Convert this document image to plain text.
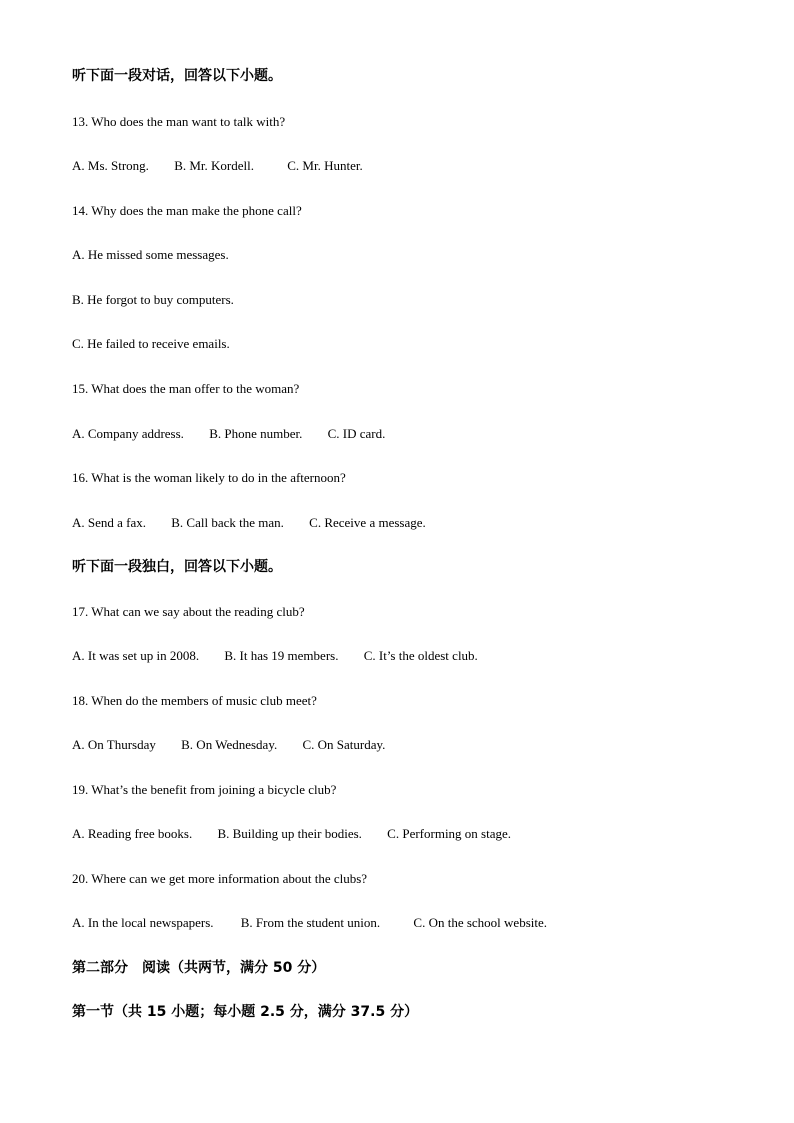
听下面一段对话，回答以下小题。
13. Who does the man want to talk with?
A. Ms. Strong. B. Mr. Kordell.	C. Mr. Hunter.
14. Why does the man make the phone call?
A. He missed some messages.
B. He forgot to buy computers.
C. He failed to receive emails.
15. What does the man offer to the woman?
A. Company address. B. Phone number. C. ID card.
16. What is the woman likely to do in the afternoon?
A. Send a fax. B. Call back the man. C. Receive a message.
听下面一段独白，回答以下小题。
17. What can we say about the reading club?
A. It was set up in 2008. B. It has 19 members. C. It’s the oldest club.
18. When do the members of music club meet?
A. On Thursday B. On Wednesday. C. On Saturday.
19. What’s the benefit from joining a bicycle club?
A. Reading free books. B. Building up their bodies. C. Performing on stage.
20. Where can we get more information about the clubs?
A. In the local newspapers. B. From the student union.	C. On the school website.
第二部分　阅读（共两节，满分 50 分）
第一节（共 15 小题；每小题 2.5 分，满分 37.5 分）
